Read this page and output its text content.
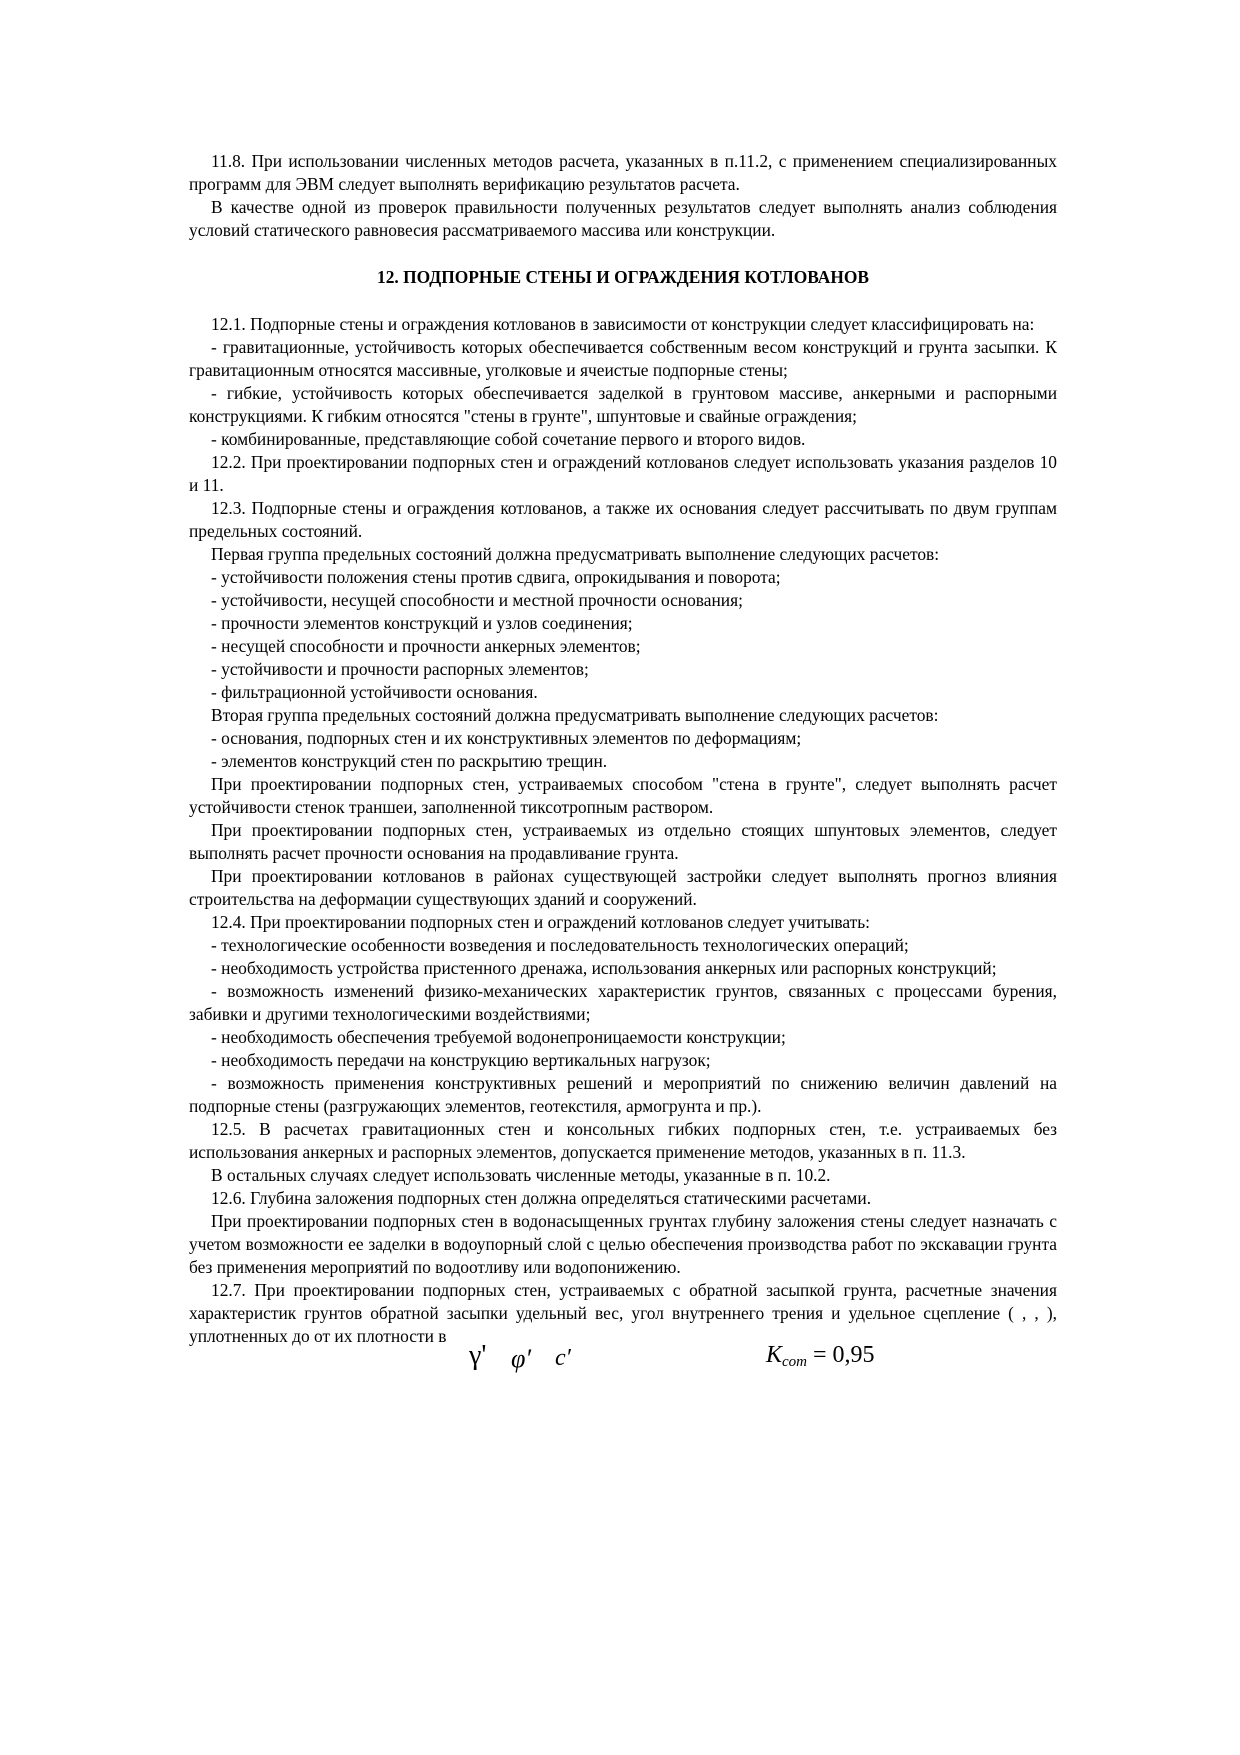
11.8. При использовании численных методов расчета, указанных в п.11.2, с применением специализированных программ для ЭВМ следует выполнять верификацию результатов расчета.

В качестве одной из проверок правильности полученных результатов следует выполнять анализ соблюдения условий статического равновесия рассматриваемого массива или конструкции.

12. ПОДПОРНЫЕ СТЕНЫ И ОГРАЖДЕНИЯ КОТЛОВАНОВ

12.1. Подпорные стены и ограждения котлованов в зависимости от конструкции следует классифицировать на:

- гравитационные, устойчивость которых обеспечивается собственным весом конструкций и грунта засыпки. К гравитационным относятся массивные, уголковые и ячеистые подпорные стены;

- гибкие, устойчивость которых обеспечивается заделкой в грунтовом массиве, анкерными и распорными конструкциями. К гибким относятся "стены в грунте", шпунтовые и свайные ограждения;

- комбинированные, представляющие собой сочетание первого и второго видов.

12.2. При проектировании подпорных стен и ограждений котлованов следует использовать указания разделов 10 и 11.

12.3. Подпорные стены и ограждения котлованов, а также их основания следует рассчитывать по двум группам предельных состояний.

Первая группа предельных состояний должна предусматривать выполнение следующих расчетов:

- устойчивости положения стены против сдвига, опрокидывания и поворота;

- устойчивости, несущей способности и местной прочности основания;

- прочности элементов конструкций и узлов соединения;

- несущей способности и прочности анкерных элементов;

- устойчивости и прочности распорных элементов;

- фильтрационной устойчивости основания.

Вторая группа предельных состояний должна предусматривать выполнение следующих расчетов:

- основания, подпорных стен и их конструктивных элементов по деформациям;

- элементов конструкций стен по раскрытию трещин.

При проектировании подпорных стен, устраиваемых способом "стена в грунте", следует выполнять расчет устойчивости стенок траншеи, заполненной тиксотропным раствором.

При проектировании подпорных стен, устраиваемых из отдельно стоящих шпунтовых элементов, следует выполнять расчет прочности основания на продавливание грунта.

При проектировании котлованов в районах существующей застройки следует выполнять прогноз влияния строительства на деформации существующих зданий и сооружений.

12.4. При проектировании подпорных стен и ограждений котлованов следует учитывать:

- технологические особенности возведения и последовательность технологических операций;

- необходимость устройства пристенного дренажа, использования анкерных или распорных конструкций;

- возможность изменений физико-механических характеристик грунтов, связанных с процессами бурения, забивки и другими технологическими воздействиями;

- необходимость обеспечения требуемой водонепроницаемости конструкции;

- необходимость передачи на конструкцию вертикальных нагрузок;

- возможность применения конструктивных решений и мероприятий по снижению величин давлений на подпорные стены (разгружающих элементов, геотекстиля, армогрунта и пр.).

12.5. В расчетах гравитационных стен и консольных гибких подпорных стен, т.е. устраиваемых без использования анкерных и распорных элементов, допускается применение методов, указанных в п. 11.3.

В остальных случаях следует использовать численные методы, указанные в п. 10.2.

12.6. Глубина заложения подпорных стен должна определяться статическими расчетами.

При проектировании подпорных стен в водонасыщенных грунтах глубину заложения стены следует назначать с учетом возможности ее заделки в водоупорный слой с целью обеспечения производства работ по экскавации грунта без применения мероприятий по водоотливу или водопонижению.

12.7. При проектировании подпорных стен, устраиваемых с обратной засыпкой грунта, расчетные значения характеристик грунтов обратной засыпки удельный вес, угол внутреннего трения и удельное сцепление ( , , ), уплотненных до от их плотности в

γ' φ′ c′	$K_{com} = 0,95$
